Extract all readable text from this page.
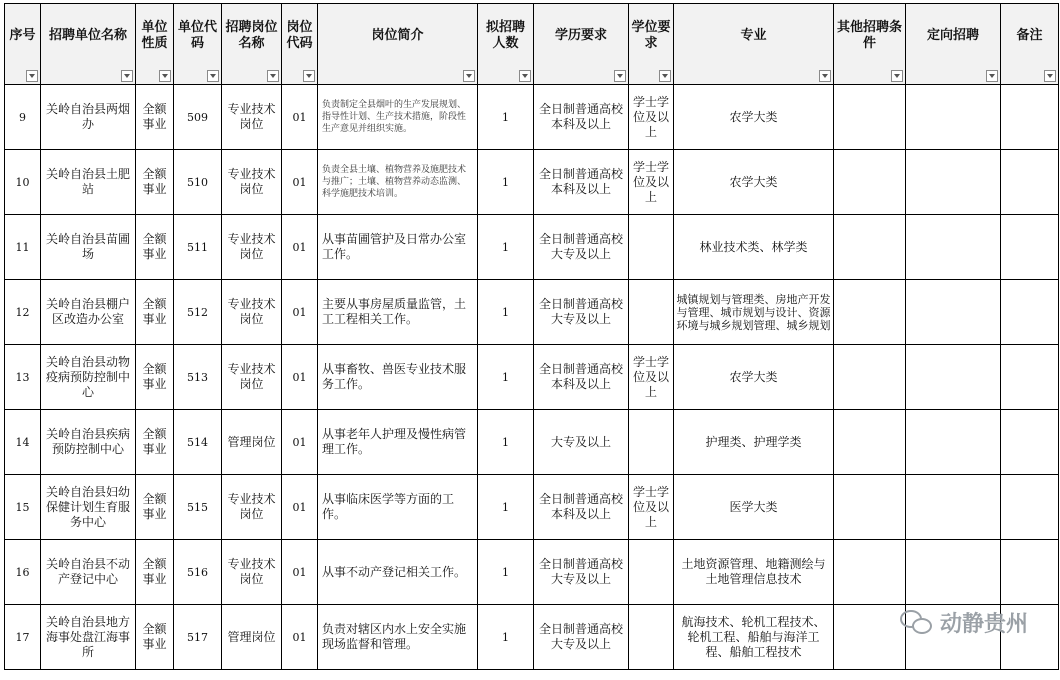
序号	招聘单位名称	单位性质	单位代码	招聘岗位名称	岗位代码	岗位简介	拟招聘人数	学历要求	学位要求	专业	其他招聘条件	定向招聘	备注

9	关岭自治县两烟办	全额事业	509	专业技术岗位	01	负责制定全县烟叶的生产发展规划、指导性计划、生产技术措施，阶段性生产意见并组织实施。	1	全日制普通高校本科及以上	学士学位及以上	农学大类			
10	关岭自治县土肥站	全额事业	510	专业技术岗位	01	负责全县土壤、植物营养及施肥技术与推广；土壤、植物营养动态监测、科学施肥技术培训。	1	全日制普通高校本科及以上	学士学位及以上	农学大类			
11	关岭自治县苗圃场	全额事业	511	专业技术岗位	01	从事苗圃管护及日常办公室工作。	1	全日制普通高校大专及以上		林业技术类、林学类			
12	关岭自治县棚户区改造办公室	全额事业	512	专业技术岗位	01	主要从事房屋质量监管，土工工程相关工作。	1	全日制普通高校大专及以上		城镇规划与管理类、房地产开发与管理、城市规划与设计、资源环境与城乡规划管理、城乡规划			
13	关岭自治县动物疫病预防控制中心	全额事业	513	专业技术岗位	01	从事畜牧、兽医专业技术服务工作。	1	全日制普通高校本科及以上	学士学位及以上	农学大类			
14	关岭自治县疾病预防控制中心	全额事业	514	管理岗位	01	从事老年人护理及慢性病管理工作。	1	大专及以上		护理类、护理学类			
15	关岭自治县妇幼保健计划生育服务中心	全额事业	515	专业技术岗位	01	从事临床医学等方面的工作。	1	全日制普通高校本科及以上	学士学位及以上	医学大类			
16	关岭自治县不动产登记中心	全额事业	516	专业技术岗位	01	从事不动产登记相关工作。	1	全日制普通高校大专及以上		土地资源管理、地籍测绘与土地管理信息技术			
17	关岭自治县地方海事处盘江海事所	全额事业	517	管理岗位	01	负责对辖区内水上安全实施现场监督和管理。	1	全日制普通高校大专及以上		航海技术、轮机工程技术、轮机工程、船舶与海洋工程、船舶工程技术			
动静贵州
